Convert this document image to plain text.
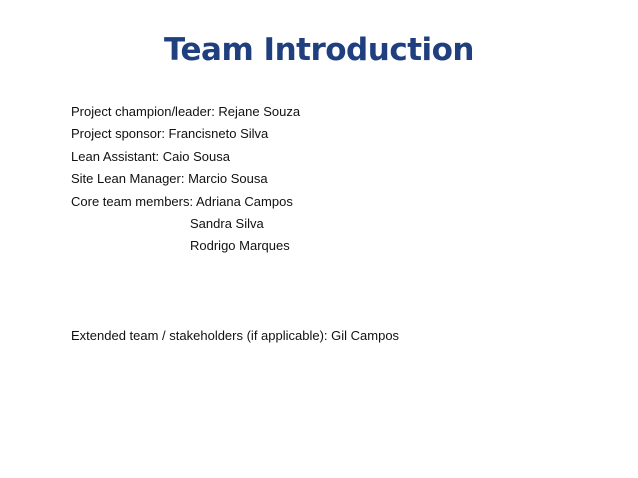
Team Introduction
Project champion/leader: Rejane Souza
Project sponsor: Francisneto Silva
Lean Assistant: Caio Sousa
Site Lean Manager: Marcio Sousa
Core team members: Adriana Campos
Sandra Silva
Rodrigo Marques
Extended team / stakeholders (if applicable): Gil Campos
